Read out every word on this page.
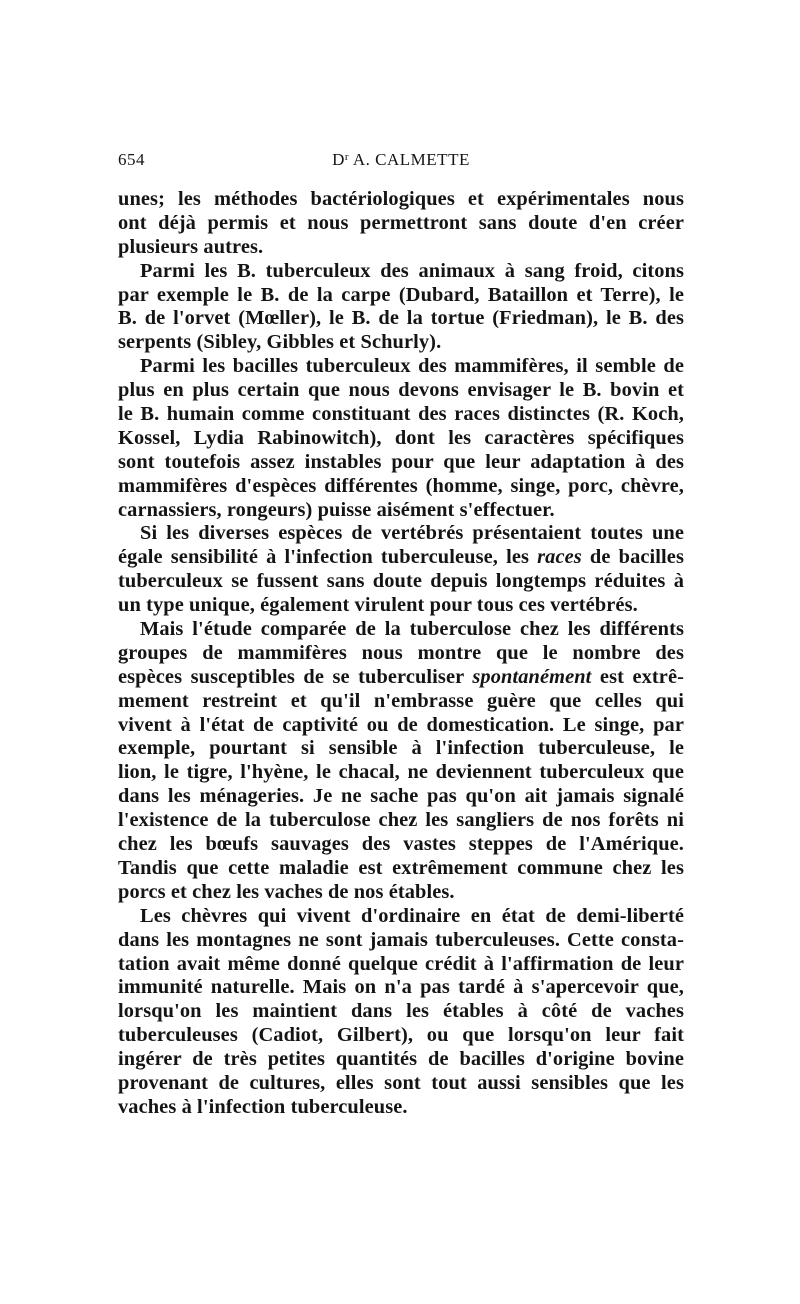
654	$D^r$ A. CALMETTE
unes; les méthodes bactériologiques et expérimentales nous
ont déjà permis et nous permettront sans doute d'en créer
plusieurs autres.
Parmi les B. tuberculeux des animaux à sang froid, citons
par exemple le B. de la carpe (Dubard, Bataillon et Terre), le
B. de l'orvet (Mœller), le B. de la tortue (Friedman), le B. des
serpents (Sibley, Gibbles et Schurly).
Parmi les bacilles tuberculeux des mammifères, il semble de
plus en plus certain que nous devons envisager le B. bovin et
le B. humain comme constituant des races distinctes (R. Koch,
Kossel, Lydia Rabinowitch), dont les caractères spécifiques
sont toutefois assez instables pour que leur adaptation à des
mammifères d'espèces différentes (homme, singe, porc, chèvre,
carnassiers, rongeurs) puisse aisément s'effectuer.
Si les diverses espèces de vertébrés présentaient toutes une
égale sensibilité à l'infection tuberculeuse, les races de bacilles
tuberculeux se fussent sans doute depuis longtemps réduites à
un type unique, également virulent pour tous ces vertébrés.
Mais l'étude comparée de la tuberculose chez les différents
groupes de mammifères nous montre que le nombre des
espèces susceptibles de se tuberculiser spontanément est extrê-
mement restreint et qu'il n'embrasse guère que celles qui
vivent à l'état de captivité ou de domestication. Le singe, par
exemple, pourtant si sensible à l'infection tuberculeuse, le
lion, le tigre, l'hyène, le chacal, ne deviennent tuberculeux que
dans les ménageries. Je ne sache pas qu'on ait jamais signalé
l'existence de la tuberculose chez les sangliers de nos forêts ni
chez les bœufs sauvages des vastes steppes de l'Amérique.
Tandis que cette maladie est extrêmement commune chez les
porcs et chez les vaches de nos étables.
Les chèvres qui vivent d'ordinaire en état de demi-liberté
dans les montagnes ne sont jamais tuberculeuses. Cette consta-
tation avait même donné quelque crédit à l'affirmation de leur
immunité naturelle. Mais on n'a pas tardé à s'apercevoir que,
lorsqu'on les maintient dans les étables à côté de vaches
tuberculeuses (Cadiot, Gilbert), ou que lorsqu'on leur fait
ingérer de très petites quantités de bacilles d'origine bovine
provenant de cultures, elles sont tout aussi sensibles que les
vaches à l'infection tuberculeuse.
